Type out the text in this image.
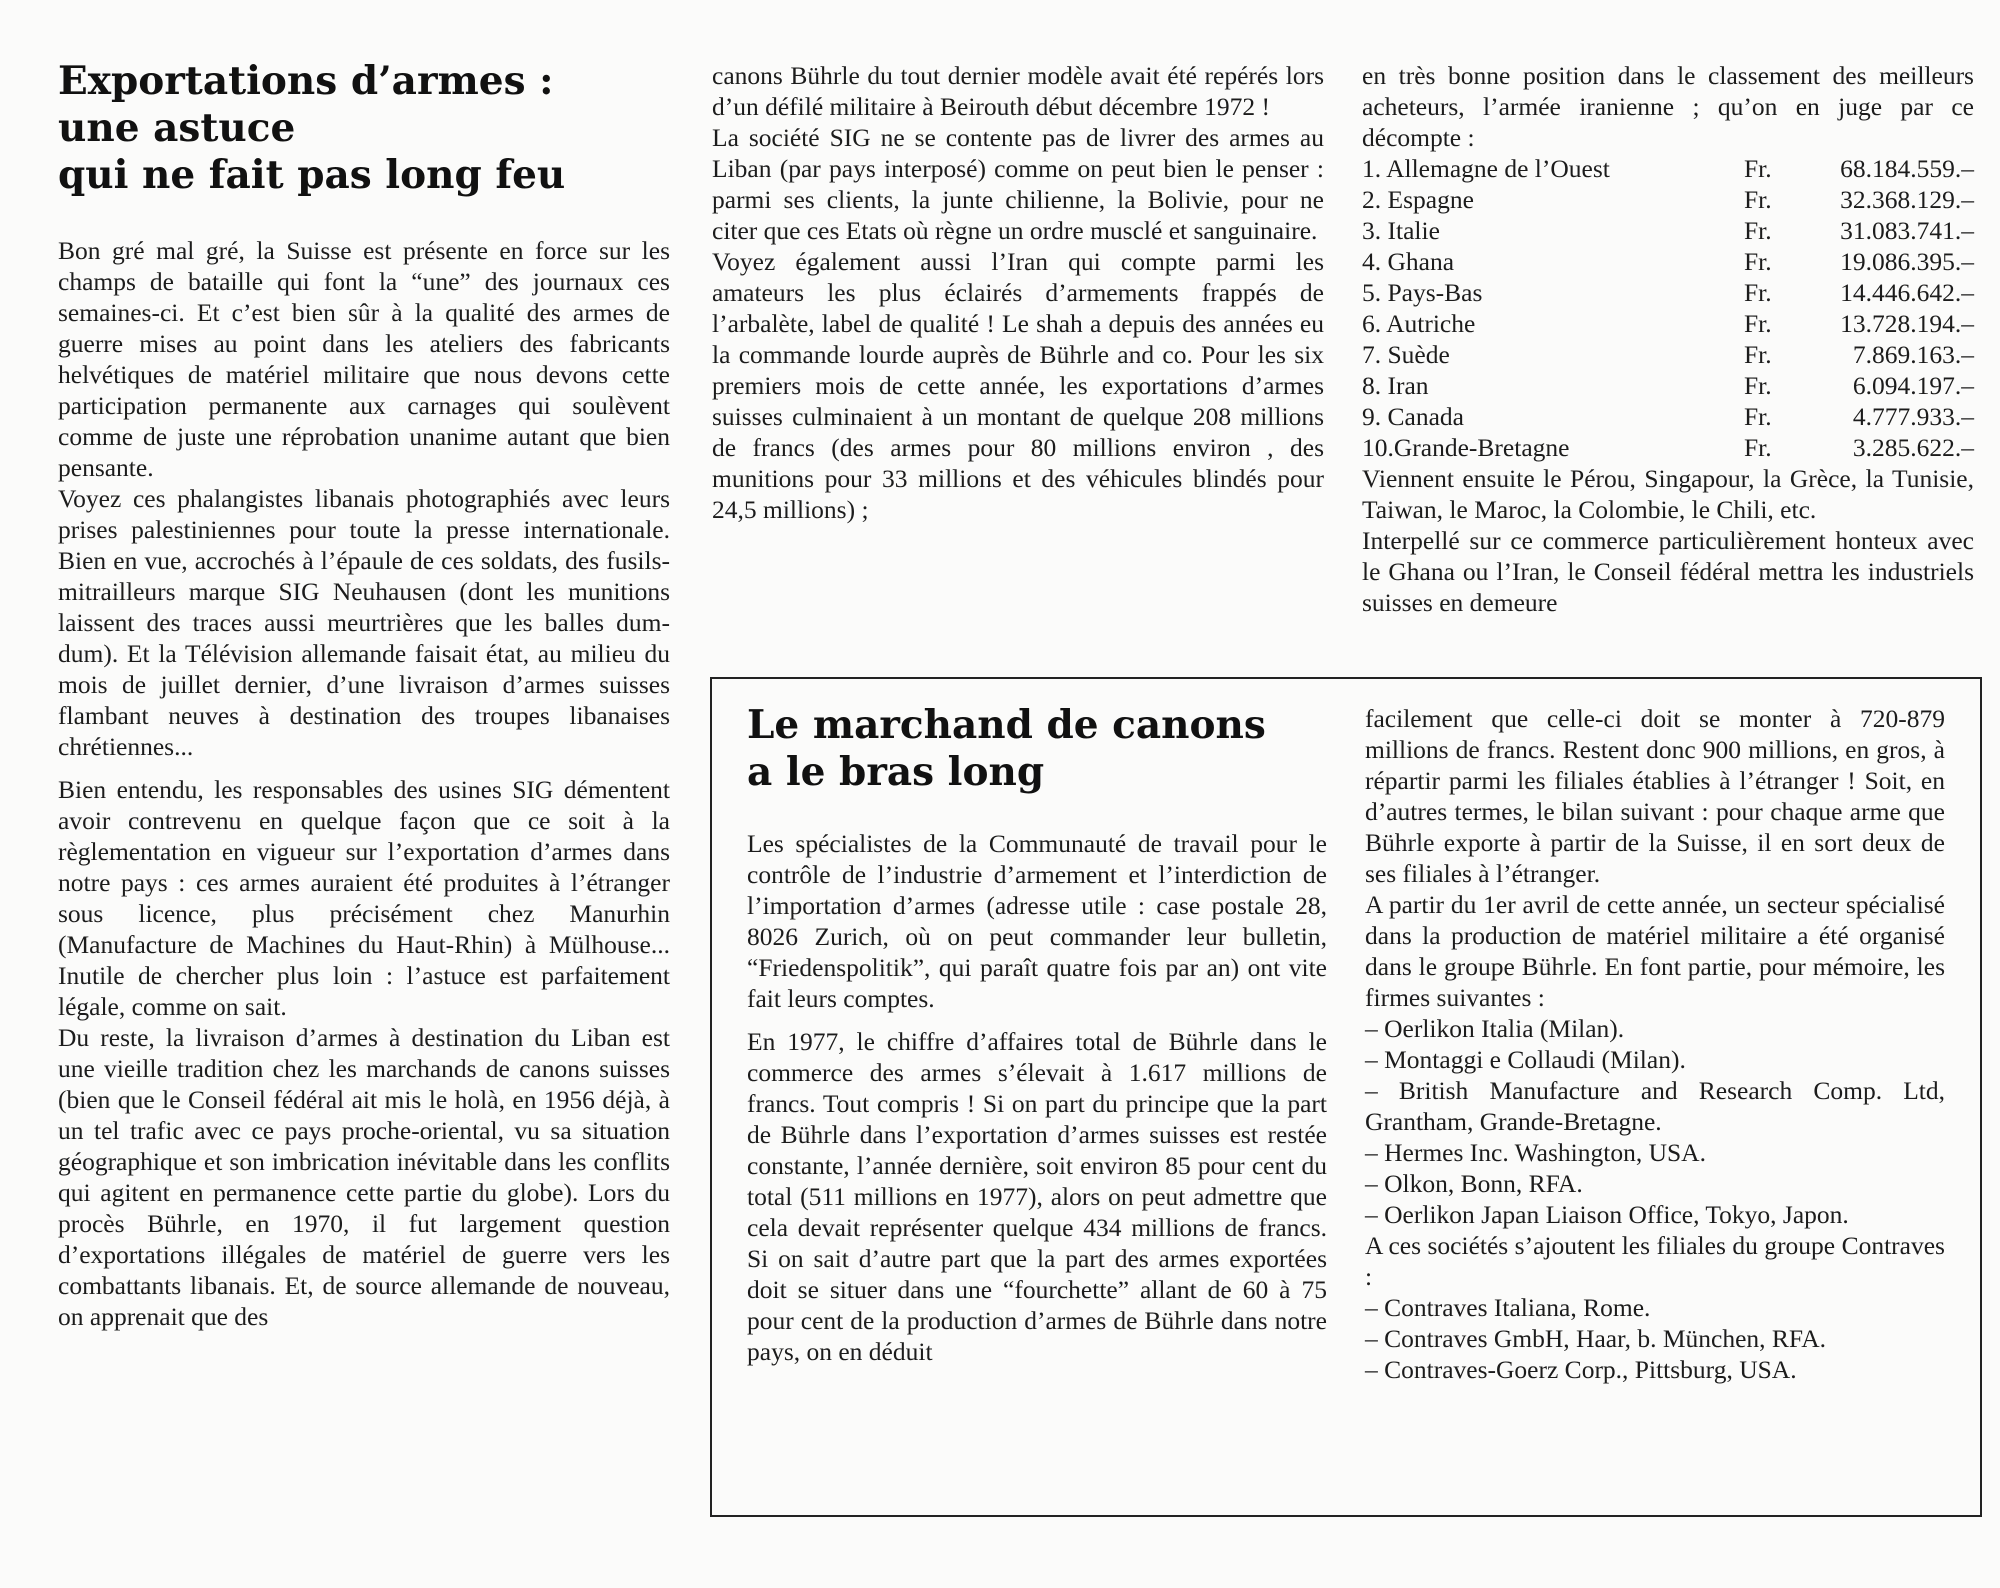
Exportations d’armes :
une astuce
qui ne fait pas long feu

Bon gré mal gré, la Suisse est présente en force sur les champs de bataille qui font la “une” des journaux ces semaines-ci. Et c’est bien sûr à la qualité des armes de guerre mises au point dans les ateliers des fabricants helvétiques de matériel militaire que nous devons cette participation permanente aux carnages qui soulèvent comme de juste une réprobation unanime autant que bien pensante.

Voyez ces phalangistes libanais photographiés avec leurs prises palestiniennes pour toute la presse internationale. Bien en vue, accrochés à l’épaule de ces soldats, des fusils-mitrailleurs marque SIG Neuhausen (dont les munitions laissent des traces aussi meurtrières que les balles dum-dum). Et la Télévision allemande faisait état, au milieu du mois de juillet dernier, d’une livraison d’armes suisses flambant neuves à destination des troupes libanaises chrétiennes...

Bien entendu, les responsables des usines SIG démentent avoir contrevenu en quelque façon que ce soit à la règlementation en vigueur sur l’exportation d’armes dans notre pays : ces armes auraient été produites à l’étranger sous licence, plus précisément chez Manurhin (Manufacture de Machines du Haut-Rhin) à Mülhouse... Inutile de chercher plus loin : l’astuce est parfaitement légale, comme on sait.

Du reste, la livraison d’armes à destination du Liban est une vieille tradition chez les marchands de canons suisses (bien que le Conseil fédéral ait mis le holà, en 1956 déjà, à un tel trafic avec ce pays proche-oriental, vu sa situation géographique et son imbrication inévitable dans les conflits qui agitent en permanence cette partie du globe). Lors du procès Bührle, en 1970, il fut largement question d’exportations illégales de matériel de guerre vers les combattants libanais. Et, de source allemande de nouveau, on apprenait que des

canons Bührle du tout dernier modèle avait été repérés lors d’un défilé militaire à Beirouth début décembre 1972 !

La société SIG ne se contente pas de livrer des armes au Liban (par pays interposé) comme on peut bien le penser : parmi ses clients, la junte chilienne, la Bolivie, pour ne citer que ces Etats où règne un ordre musclé et sanguinaire.

Voyez également aussi l’Iran qui compte parmi les amateurs les plus éclairés d’armements frappés de l’arbalète, label de qualité ! Le shah a depuis des années eu la commande lourde auprès de Bührle and co. Pour les six premiers mois de cette année, les exportations d’armes suisses culminaient à un montant de quelque 208 millions de francs (des armes pour 80 millions environ , des munitions pour 33 millions et des véhicules blindés pour 24,5 millions) ;

en très bonne position dans le classement des meilleurs acheteurs, l’armée iranienne ; qu’on en juge par ce décompte :

1. Allemagne de l’Ouest	Fr.	68.184.559.–
2. Espagne	Fr.	32.368.129.–
3. Italie	Fr.	31.083.741.–
4. Ghana	Fr.	19.086.395.–
5. Pays-Bas	Fr.	14.446.642.–
6. Autriche	Fr.	13.728.194.–
7. Suède	Fr.	7.869.163.–
8. Iran	Fr.	6.094.197.–
9. Canada	Fr.	4.777.933.–
10.Grande-Bretagne	Fr.	3.285.622.–

Viennent ensuite le Pérou, Singapour, la Grèce, la Tunisie, Taiwan, le Maroc, la Colombie, le Chili, etc.

Interpellé sur ce commerce particulièrement honteux avec le Ghana ou l’Iran, le Conseil fédéral mettra les industriels suisses en demeure

Le marchand de canons
a le bras long

Les spécialistes de la Communauté de travail pour le contrôle de l’industrie d’armement et l’interdiction de l’importation d’armes (adresse utile : case postale 28, 8026 Zurich, où on peut commander leur bulletin, “Friedenspolitik”, qui paraît quatre fois par an) ont vite fait leurs comptes.

En 1977, le chiffre d’affaires total de Bührle dans le commerce des armes s’élevait à 1.617 millions de francs. Tout compris ! Si on part du principe que la part de Bührle dans l’exportation d’armes suisses est restée constante, l’année dernière, soit environ 85 pour cent du total (511 millions en 1977), alors on peut admettre que cela devait représenter quelque 434 millions de francs. Si on sait d’autre part que la part des armes exportées doit se situer dans une “fourchette” allant de 60 à 75 pour cent de la production d’armes de Bührle dans notre pays, on en déduit

facilement que celle-ci doit se monter à 720-879 millions de francs. Restent donc 900 millions, en gros, à répartir parmi les filiales établies à l’étranger ! Soit, en d’autres termes, le bilan suivant : pour chaque arme que Bührle exporte à partir de la Suisse, il en sort deux de ses filiales à l’étranger.

A partir du 1er avril de cette année, un secteur spécialisé dans la production de matériel militaire a été organisé dans le groupe Bührle. En font partie, pour mémoire, les firmes suivantes :

– Oerlikon Italia (Milan).
– Montaggi e Collaudi (Milan).
– British Manufacture and Research Comp. Ltd, Grantham, Grande-Bretagne.
– Hermes Inc. Washington, USA.
– Olkon, Bonn, RFA.
– Oerlikon Japan Liaison Office, Tokyo, Japon.

A ces sociétés s’ajoutent les filiales du groupe Contraves :

– Contraves Italiana, Rome.
– Contraves GmbH, Haar, b. München, RFA.
– Contraves-Goerz Corp., Pittsburg, USA.
